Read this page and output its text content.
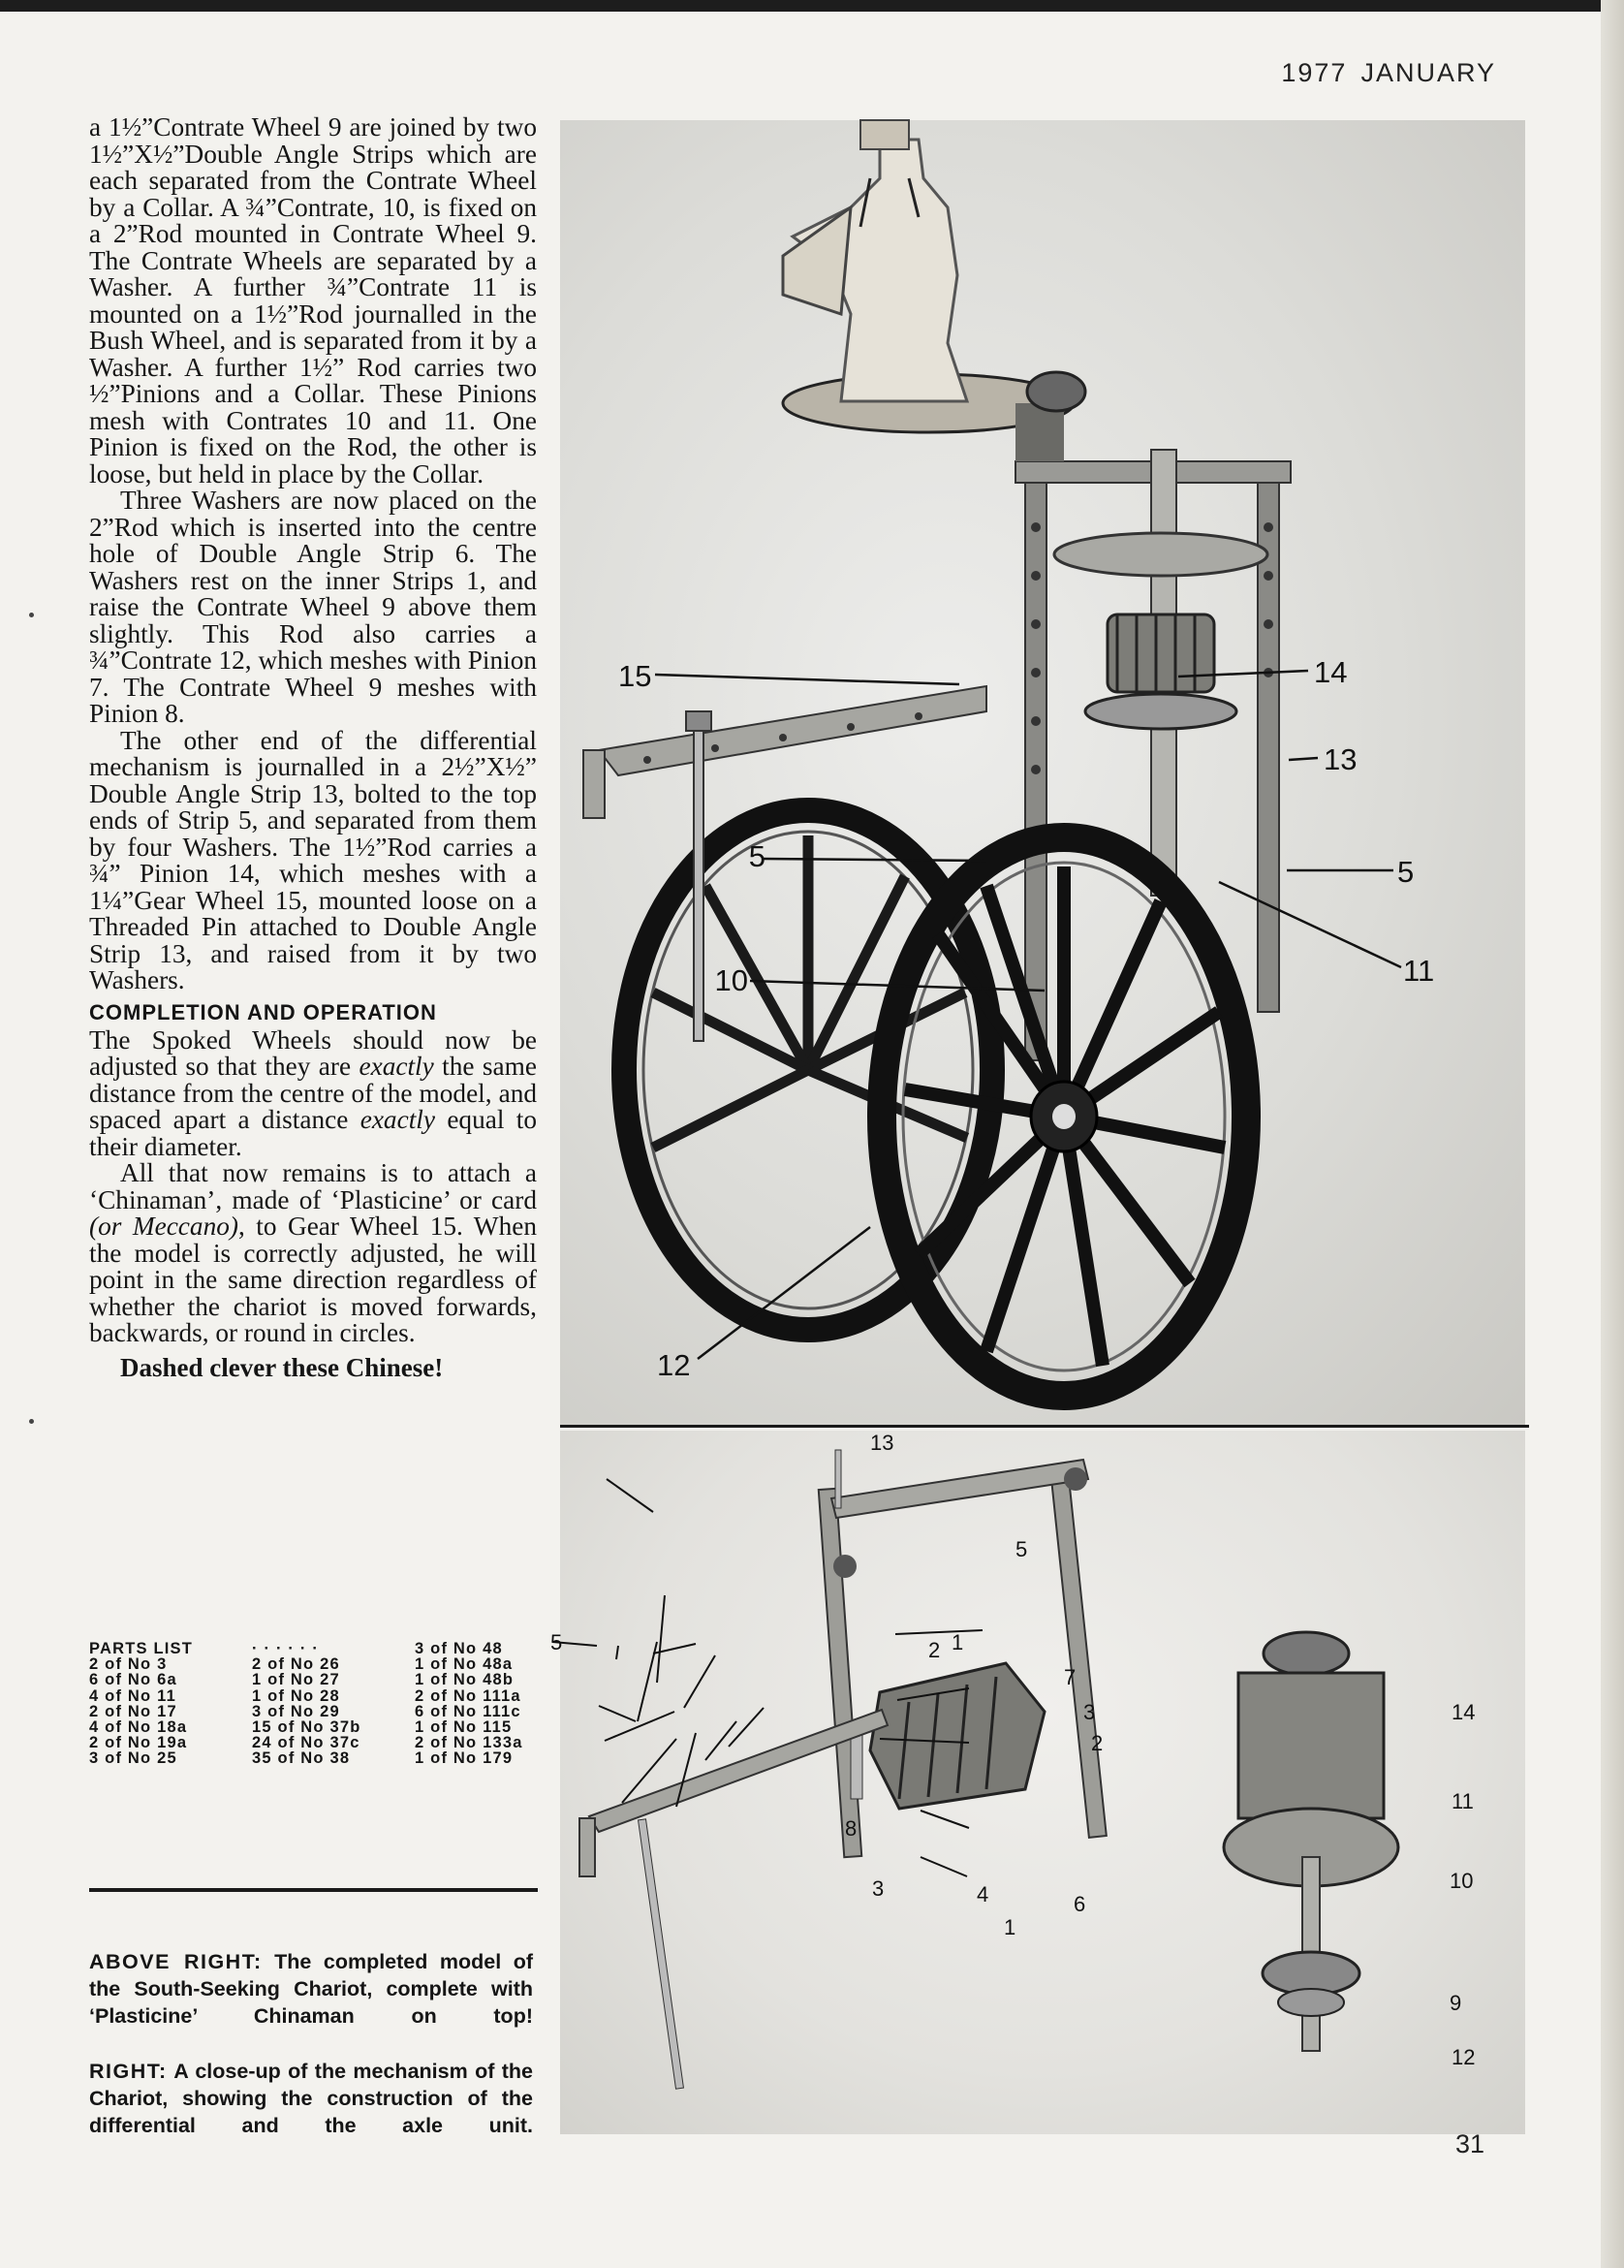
1977 JANUARY

a 1½”Contrate Wheel 9 are joined by two 1½”X½”Double Angle Strips which are each separated from the Contrate Wheel by a Collar. A ¾”Contrate, 10, is fixed on a 2”Rod mounted in Contrate Wheel 9. The Contrate Wheels are separated by a Washer. A further ¾”Contrate 11 is mounted on a 1½”Rod journalled in the Bush Wheel, and is separated from it by a Washer. A further 1½” Rod carries two ½”Pinions and a Collar. These Pinions mesh with Contrates 10 and 11. One Pinion is fixed on the Rod, the other is loose, but held in place by the Collar.

Three Washers are now placed on the 2”Rod which is inserted into the centre hole of Double Angle Strip 6. The Washers rest on the inner Strips 1, and raise the Contrate Wheel 9 above them slightly. This Rod also carries a ¾”Contrate 12, which meshes with Pinion 7. The Contrate Wheel 9 meshes with Pinion 8.

The other end of the differential mechanism is journalled in a 2½”X½” Double Angle Strip 13, bolted to the top ends of Strip 5, and separated from them by four Washers. The 1½”Rod carries a ¾” Pinion 14, which meshes with a 1¼”Gear Wheel 15, mounted loose on a Threaded Pin attached to Double Angle Strip 13, and raised from it by two Washers.

COMPLETION AND OPERATION

The Spoked Wheels should now be adjusted so that they are exactly the same distance from the centre of the model, and spaced apart a distance exactly equal to their diameter.

All that now remains is to attach a ‘Chinaman’, made of ‘Plasticine’ or card (or Meccano), to Gear Wheel 15. When the model is correctly adjusted, he will point in the same direction regardless of whether the chariot is moved forwards, backwards, or round in circles.

Dashed clever these Chinese!
PARTS LIST	· · · · · ·	3 of No 48
2 of No 3	2 of No 26	1 of No 48a
6 of No 6a	1 of No 27	1 of No 48b
4 of No 11	1 of No 28	2 of No 111a
2 of No 17	3 of No 29	6 of No 111c
4 of No 18a	15 of No 37b	1 of No 115
2 of No 19a	24 of No 37c	2 of No 133a
3 of No 25	35 of No 38	1 of No 179

ABOVE RIGHT: The completed model of the South-Seeking Chariot, complete with ‘Plasticine’ Chinaman on top!

RIGHT: A close-up of the mechanism of the Chariot, showing the construction of the differential and the axle unit.

15	14
13
5	5
11
10
12
13
5
5
2 1
7
3
2
8
3	4	6
1
14
11
10
9
12
31
